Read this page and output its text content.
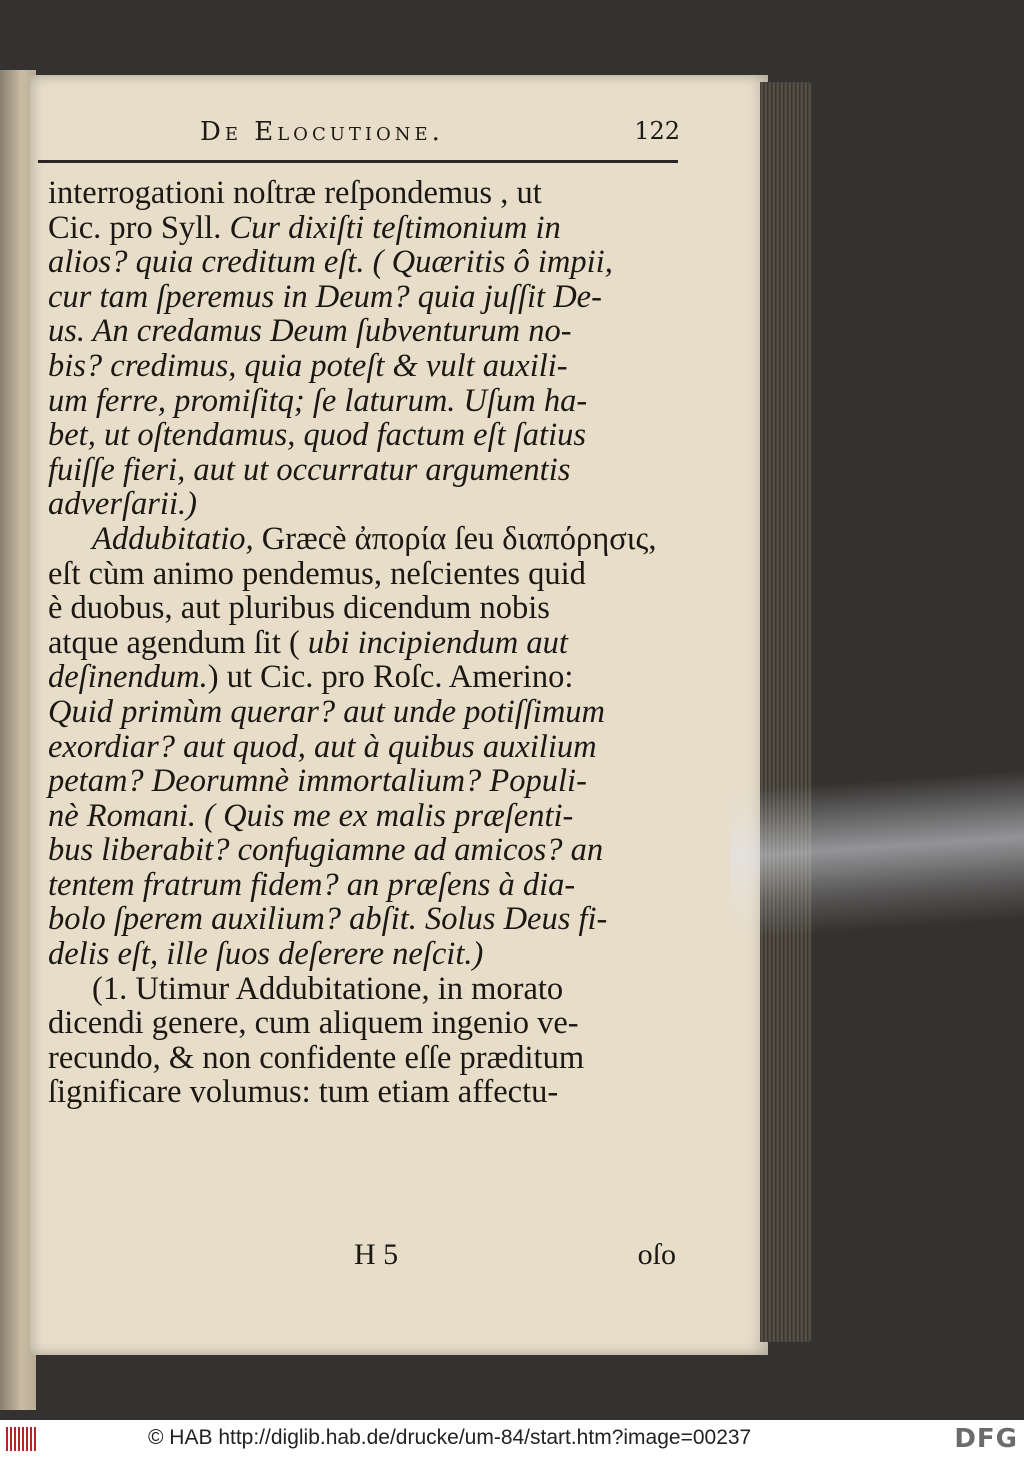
De Elocutione.	122
interrogationi noſtræ reſpondemus , ut
Cic. pro Syll. Cur dixiſti teſtimonium in
alios? quia creditum eſt. ( Quæritis ô impii,
cur tam ſperemus in Deum? quia juſſit De-
us. An credamus Deum ſubventurum no-
bis? credimus, quia poteſt & vult auxili-
um ferre, promiſitq; ſe laturum. Uſum ha-
bet, ut oſtendamus, quod factum eſt ſatius
fuiſſe fieri, aut ut occurratur argumentis
adverſarii.)
Addubitatio, Græcè ἀπορία ſeu διαπόρησις,
eſt cùm animo pendemus, neſcientes quid
è duobus, aut pluribus dicendum nobis
atque agendum ſit ( ubi incipiendum aut
deſinendum.) ut Cic. pro Roſc. Amerino:
Quid primùm querar? aut unde potiſſimum
exordiar? aut quod, aut à quibus auxilium
petam? Deorumnè immortalium? Populi-
nè Romani. ( Quis me ex malis præſenti-
bus liberabit? confugiamne ad amicos? an
tentem fratrum fidem? an præſens à dia-
bolo ſperem auxilium? abſit. Solus Deus fi-
delis eſt, ille ſuos deſerere neſcit.)
(1. Utimur Addubitatione, in morato
dicendi genere, cum aliquem ingenio ve-
recundo, & non confidente eſſe præditum
ſignificare volumus: tum etiam affectu-
H 5	oſo
© HAB http://diglib.hab.de/drucke/um-84/start.htm?image=00237	DFG
